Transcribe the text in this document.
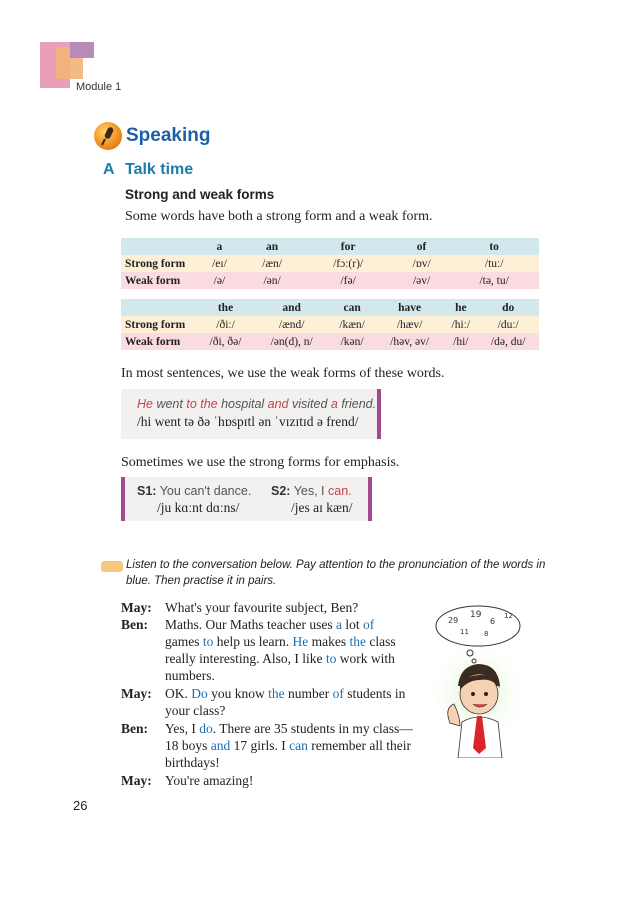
Module 1
Speaking
A Talk time
Strong and weak forms
Some words have both a strong form and a weak form.
	a	an	for	of	to
Strong form	/eɪ/	/æn/	/fɔː(r)/	/ɒv/	/tuː/
Weak form	/ə/	/ən/	/fə/	/əv/	/tə, tu/
	the	and	can	have	he	do
Strong form	/ðiː/	/ænd/	/kæn/	/hæv/	/hiː/	/duː/
Weak form	/ði, ðə/	/ən(d), n/	/kən/	/həv, əv/	/hi/	/də, du/
In most sentences, we use the weak forms of these words.
He went to the hospital and visited a friend.
/hi went tə ðə ˈhɒspɪtl ən ˈvɪzɪtɪd ə frend/
Sometimes we use the strong forms for emphasis.
S1: You can't dance.
/ju kɑːnt dɑːns/
S2: Yes, I can.
/jes aɪ kæn/
Listen to the conversation below. Pay attention to the pronunciation of the words in blue. Then practise it in pairs.
May: What's your favourite subject, Ben?
Ben: Maths. Our Maths teacher uses a lot of
games to help us learn. He makes the class
really interesting. Also, I like to work with
numbers.
May: OK. Do you know the number of students in
your class?
Ben: Yes, I do. There are 35 students in my class—
18 boys and 17 girls. I can remember all their
birthdays!
May: You're amazing!
29
19
6
12
11 8
26
